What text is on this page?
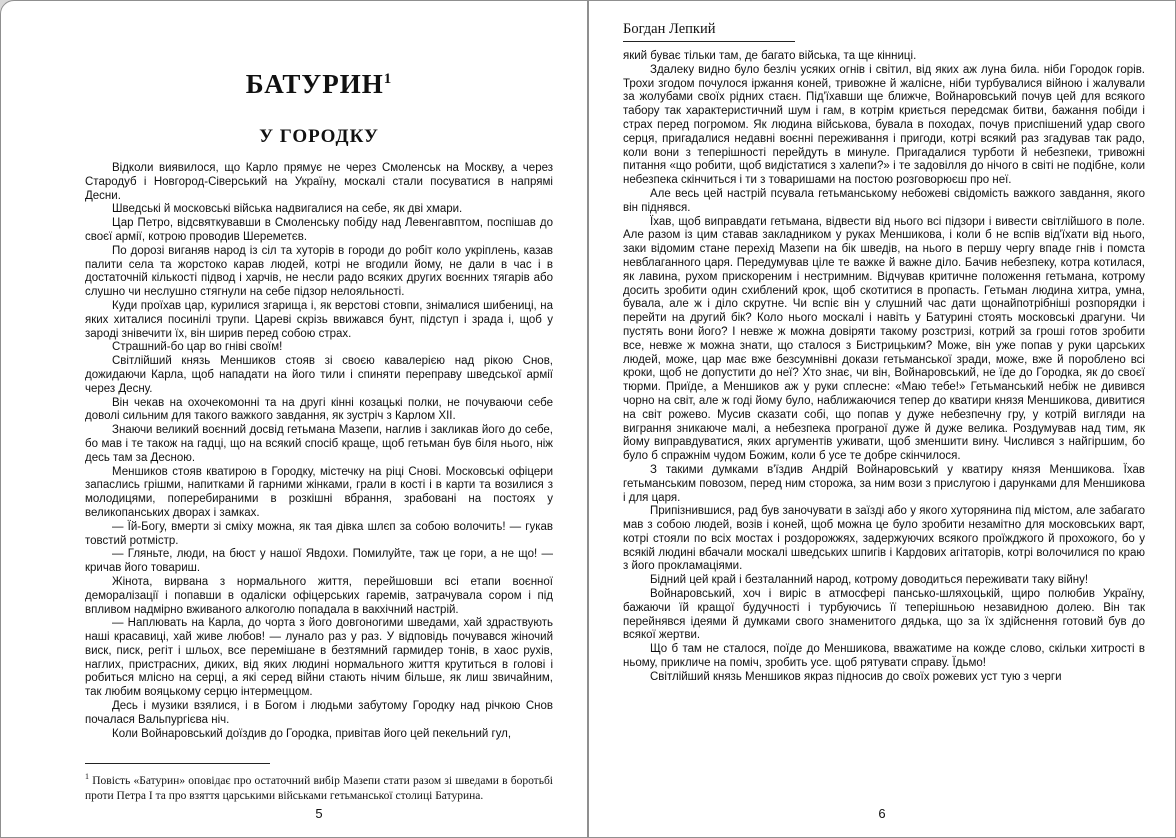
БАТУРИН$^1$
У ГОРОДКУ

Відколи виявилося, що Карло прямує не через Смоленськ на Москву, а через Стародуб і Новгород-Сіверський на Україну, москалі стали посуватися в напрямі Десни.

Шведські й московські війська надвигалися на себе, як дві хмари.

Цар Петро, відсвяткувавши в Смоленську побіду над Левенгавптом, поспішав до своєї армії, котрою проводив Шереметєв.

По дорозі виганяв народ із сіл та хуторів в городи до робіт коло укріплень, казав палити села та жорстоко карав людей, котрі не вгодили йому, не дали в час і в достаточній кількості підвод і харчів, не несли радо всяких других воєнних тягарів або слушно чи неслушно стягнули на себе підзор нелояльності.

Куди проїхав цар, курилися згарища і, як верстові стовпи, знімалися шибениці, на яких хиталися посинілі трупи. Цареві скрізь ввижався бунт, підступ і зрада і, щоб у зароді знівечити їх, він ширив перед собою страх.

Страшний-бо цар во гніві своїм!

Світлійший князь Меншиков стояв зі своєю кавалерією над рікою Снов, дожидаючи Карла, щоб нападати на його тили і спиняти переправу шведської армії через Десну.

Він чекав на охочекомонні та на другі кінні козацькі полки, не почуваючи себе доволі сильним для такого важкого завдання, як зустріч з Карлом XII.

Знаючи великий воєнний досвід гетьмана Мазепи, наглив і закликав його до себе, бо мав і те також на гадці, що на всякий спосіб краще, щоб гетьман був біля нього, ніж десь там за Десною.

Меншиков стояв кватирою в Городку, містечку на ріці Снові. Московські офіцери запаслись грішми, напитками й гарними жінками, грали в кості і в карти та возилися з молодицями, поперебираними в розкішні вбрання, зрабовані на постоях у великопанських дворах і замках.

— Їй-Богу, вмерти зі сміху можна, як тая дівка шлєп за собою волочить! — гукав товстий ротмістр.

— Гляньте, люди, на бюст у нашої Явдохи. Помилуйте, таж це гори, а не що! — кричав його товариш.

Жінота, вирвана з нормального життя, перейшовши всі етапи воєнної деморалізації і попавши в одаліски офіцерських гаремів, затрачувала сором і під впливом надмірно вживаного алкоголю попадала в вакхічний настрій.

— Наплювать на Карла, до чорта з його довгоногими шведами, хай здраствують наші красавиці, хай живе любов! — лунало раз у раз. У відповідь почувався жіночий виск, писк, регіт і шльох, все перемішане в безтямний гармидер тонів, в хаос рухів, наглих, пристрасних, диких, від яких людині нормального життя крутиться в голові і робиться млісно на серці, а які серед війни стають нічим більше, як лиш звичайним, так любим вояцькому серцю інтермеццом.

Десь і музики взялися, і в Богом і людьми забутому Городку над річкою Снов почалася Вальпургієва ніч.

Коли Войнаровський доїздив до Городка, привітав його цей пекельний гул,

$^1$ Повість «Батурин» оповідає про остаточний вибір Мазепи стати разом зі шведами в боротьбі проти Петра I та про взяття царськими військами гетьманської столиці Батурина.
5
Богдан Лепкий

який буває тільки там, де багато війська, та ще кінниці.

Здалеку видно було безліч усяких огнів і світил, від яких аж луна била. ніби Городок горів. Трохи згодом почулося іржання коней, тривожне й жалісне, ніби турбувалися війною і жалували за жолубами своїх рідних стаєн. Під'їхавши ще ближче, Войнаровський почув цей для всякого табору так характеристичний шум і гам, в котрім криється передсмак битви, бажання побіди і страх перед погромом. Як людина військова, бувала в походах, почув приспішений удар свого серця, пригадалися недавні воєнні переживання і пригоди, котрі всякий раз згадував так радо, коли вони з теперішності перейдуть в минуле. Пригадалися турботи й небезпеки, тривожні питання «що робити, щоб видістатися з халепи?» і те задовілля до нічого в світі не подібне, коли небезпека скінчиться і ти з товаришами на постою розговорюєш про неї.

Але весь цей настрій псувала гетьманському небожеві свідомість важкого завдання, якого він піднявся.

Їхав, щоб виправдати гетьмана, відвести від нього всі підзори і вивести світлійшого в поле. Але разом із цим ставав закладником у руках Меншикова, і коли б не вспів від'їхати від нього, заки відомим стане перехід Мазепи на бік шведів, на нього в першу чергу впаде гнів і помста невблаганного царя. Передумував ціле те важке й важне діло. Бачив небезпеку, котра котилася, як лавина, рухом прискореним і нестримним. Відчував критичне положення гетьмана, котрому досить зробити один схиблений крок, щоб скотитися в пропасть. Гетьман людина хитра, умна, бувала, але ж і діло скрутне. Чи вспіє він у слушний час дати щонайпотрібніші розпорядки і перейти на другий бік? Коло нього москалі і навіть у Батурині стоять московські драгуни. Чи пустять вони його? І невже ж можна довіряти такому розстризі, котрий за гроші готов зробити все, невже ж можна знати, що сталося з Бистрицьким? Може, він уже попав у руки царських людей, може, цар має вже безсумнівні докази гетьманської зради, може, вже й пороблено всі кроки, щоб не допустити до неї? Хто знає, чи він, Войнаровський, не їде до Городка, як до своєї тюрми. Приїде, а Меншиков аж у руки сплесне: «Маю тебе!» Гетьманський небіж не дивився чорно на світ, але ж годі йому було, наближаючися тепер до кватири князя Меншикова, дивитися на світ рожево. Мусив сказати собі, що попав у дуже небезпечну гру, у котрій вигляди на виграння зникаюче малі, а небезпека програної дуже й дуже велика. Роздумував над тим, як йому виправдуватися, яких аргументів уживати, щоб зменшити вину. Числився з найгіршим, бо було б спражнім чудом Божим, коли б усе те добре скінчилося.

З такими думками в'їздив Андрій Войнаровський у кватиру князя Меншикова. Їхав гетьманським повозом, перед ним сторожа, за ним вози з прислугою і дарунками для Меншикова і для царя.

Припізнившися, рад був заночувати в заїзді або у якого хуторянина під містом, але забагато мав з собою людей, возів і коней, щоб можна це було зробити незамітно для московських варт, котрі стояли по всіх мостах і роздорожжях, задержуючих всякого проїжджого й прохожого, бо у всякій людині вбачали москалі шведських шпигів і Кардових агітаторів, котрі волочилися по краю з його прокламаціями.

Бідний цей край і безталанний народ, котрому доводиться переживати таку війну!

Войнаровський, хоч і виріс в атмосфері пансько-шляхоцькій, щиро полюбив Україну, бажаючи їй кращої будучності і турбуючись її теперішньою незавидною долею. Він так перейнявся ідеями й думками свого знаменитого дядька, що за їх здійснення готовий був до всякої жертви.

Що б там не сталося, поїде до Меншикова, вважатиме на кожде слово, скільки хитрості в ньому, прикличе на поміч, зробить усе. щоб рятувати справу. Їдьмо!

Світлійший князь Меншиков якраз підносив до своїх рожевих уст тую з черги

6
